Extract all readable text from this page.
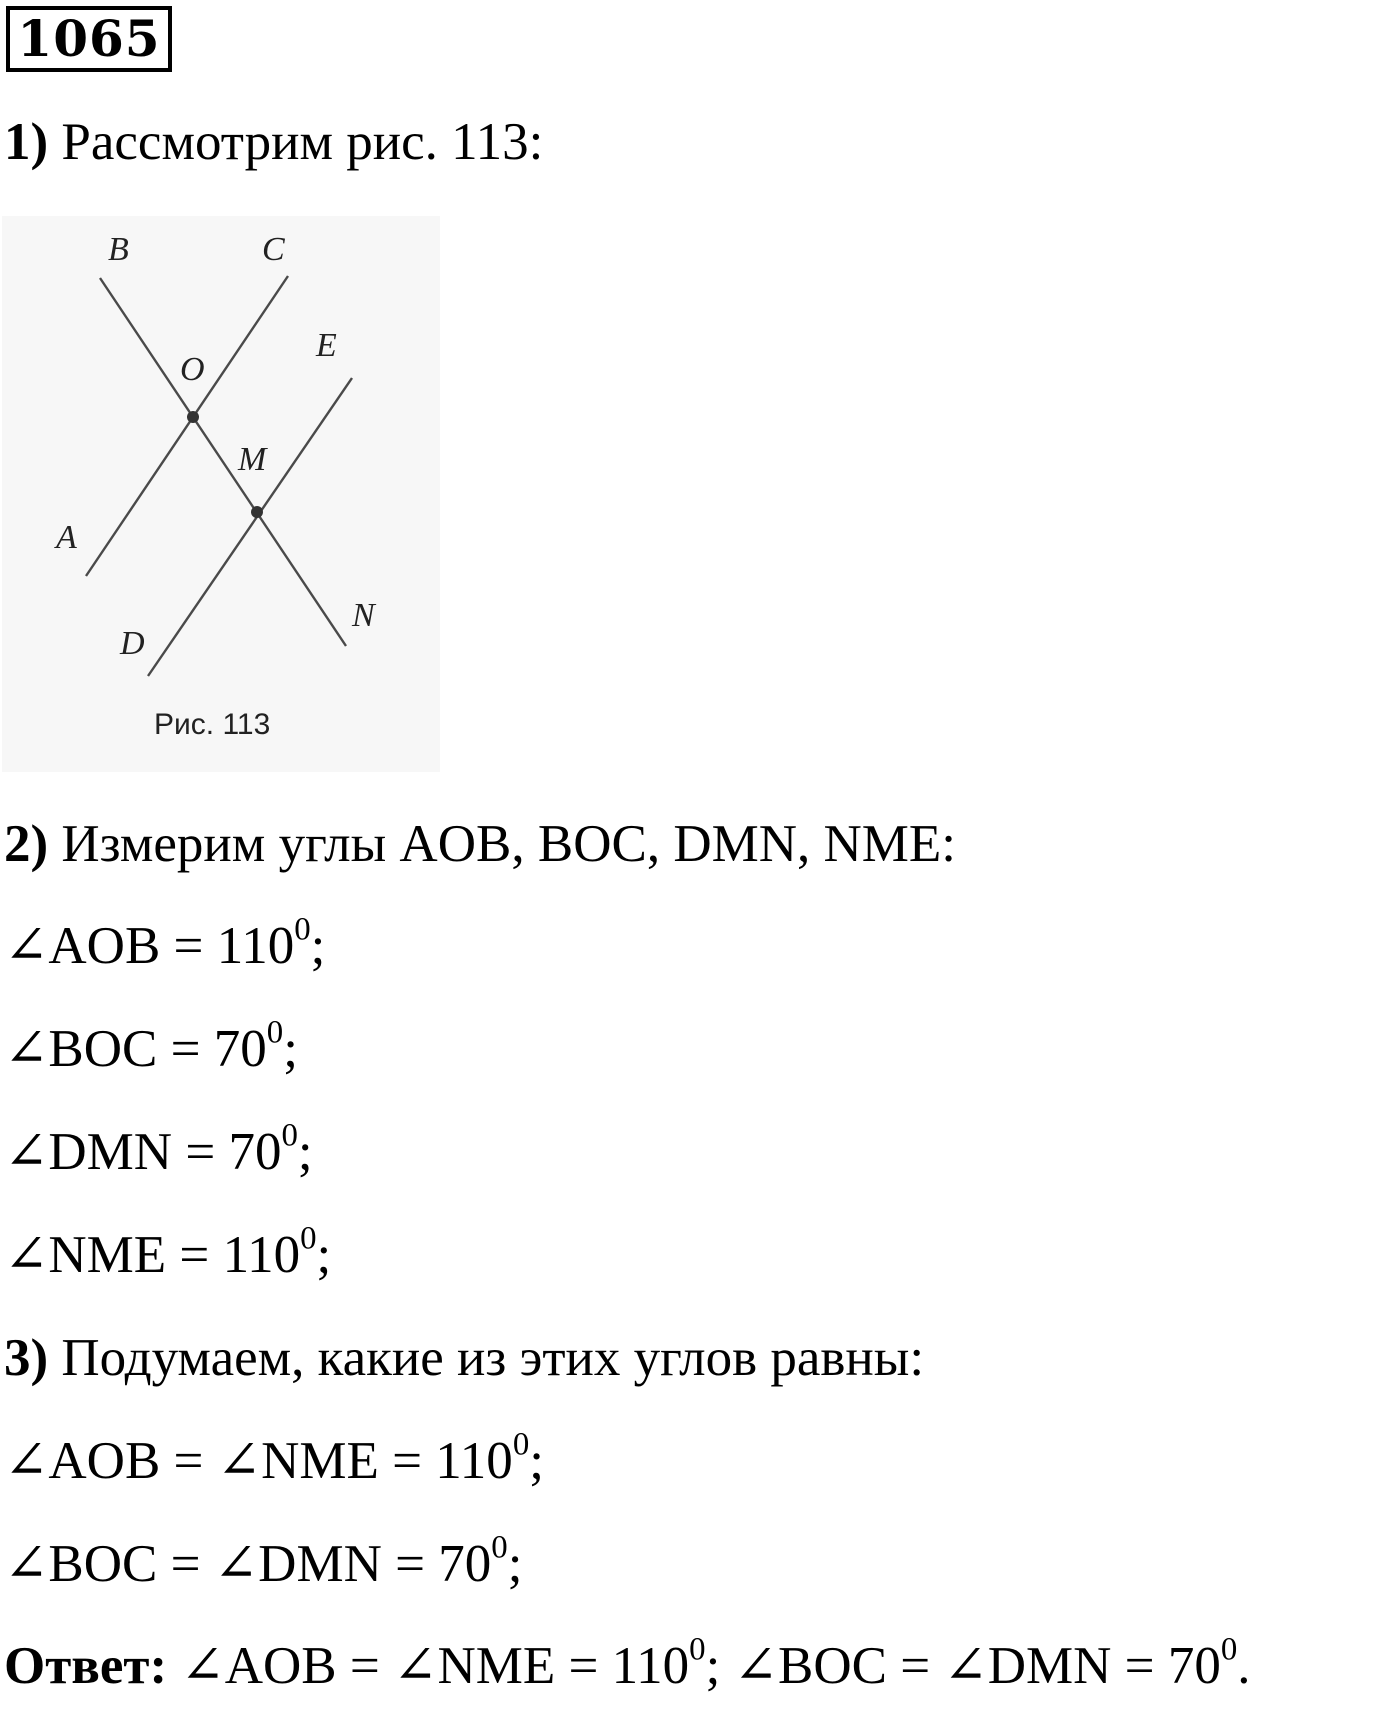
1065
1) Рассмотрим рис. 113:
B	C
E
O
M
A
D
N
Рис. 113
2) Измерим углы AOB, BOC, DMN, NME:
∠AOB = $110^0$;
∠BOC = $70^0$;
∠DMN = $70^0$;
∠NME = $110^0$;
3) Подумаем, какие из этих углов равны:
∠AOB = ∠NME = $110^0$;
∠BOC = ∠DMN = $70^0$;
Ответ: ∠AOB = ∠NME = $110^0$; ∠BOC = ∠DMN = $70^0$.
